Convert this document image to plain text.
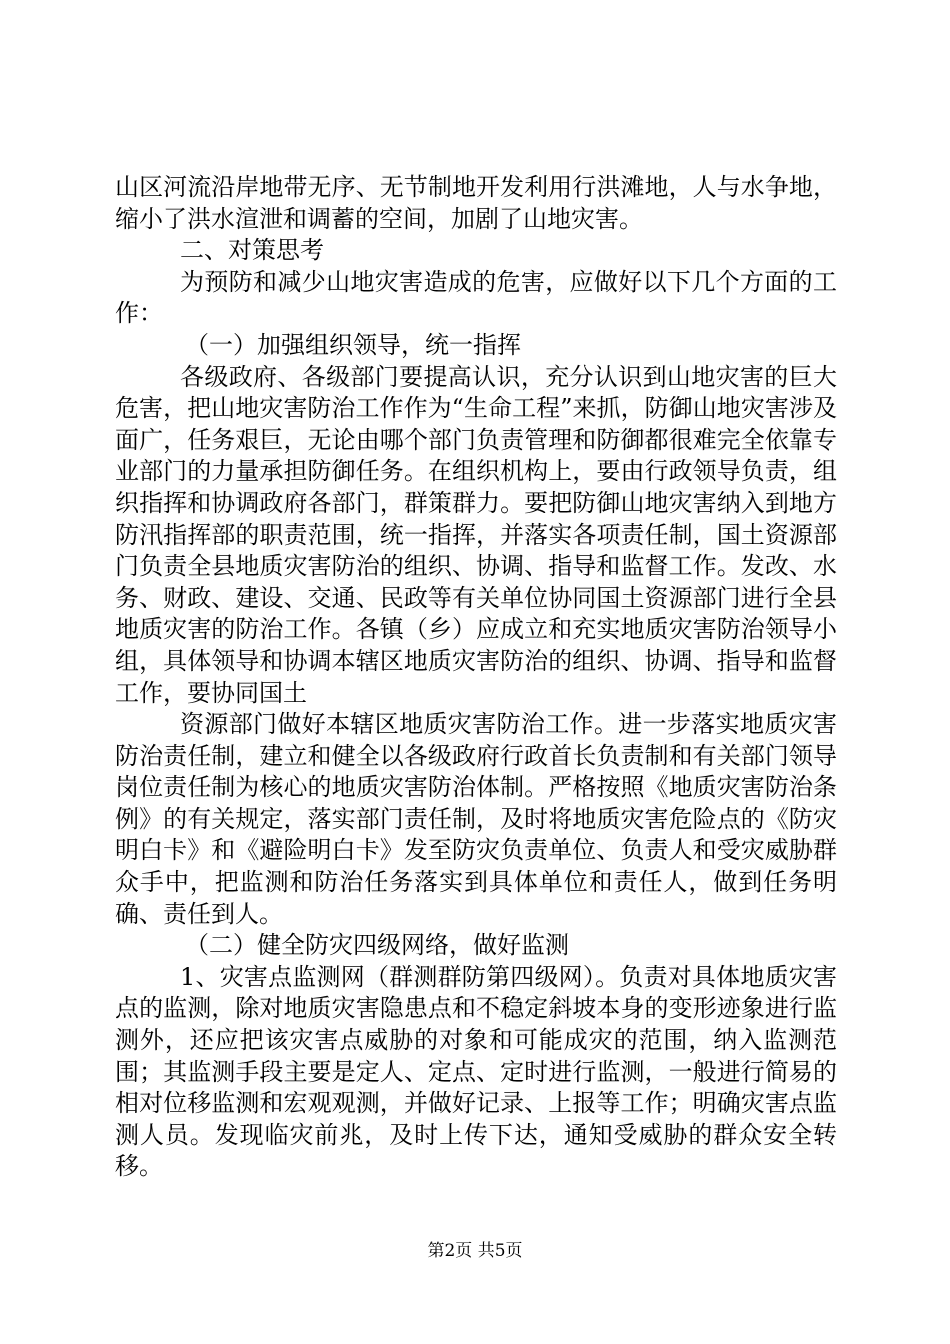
山区河流沿岸地带无序、无节制地开发利用行洪滩地，人与水争地，缩小了洪水渲泄和调蓄的空间，加剧了山地灾害。

二、对策思考

为预防和减少山地灾害造成的危害，应做好以下几个方面的工作：

（一）加强组织领导，统一指挥

各级政府、各级部门要提高认识，充分认识到山地灾害的巨大危害，把山地灾害防治工作作为“生命工程”来抓，防御山地灾害涉及面广，任务艰巨，无论由哪个部门负责管理和防御都很难完全依靠专业部门的力量承担防御任务。在组织机构上，要由行政领导负责，组织指挥和协调政府各部门，群策群力。要把防御山地灾害纳入到地方防汛指挥部的职责范围，统一指挥，并落实各项责任制，国土资源部门负责全县地质灾害防治的组织、协调、指导和监督工作。发改、水务、财政、建设、交通、民政等有关单位协同国土资源部门进行全县地质灾害的防治工作。各镇（乡）应成立和充实地质灾害防治领导小组，具体领导和协调本辖区地质灾害防治的组织、协调、指导和监督工作，要协同国土

资源部门做好本辖区地质灾害防治工作。进一步落实地质灾害防治责任制，建立和健全以各级政府行政首长负责制和有关部门领导岗位责任制为核心的地质灾害防治体制。严格按照《地质灾害防治条例》的有关规定，落实部门责任制，及时将地质灾害危险点的《防灾明白卡》和《避险明白卡》发至防灾负责单位、负责人和受灾威胁群众手中，把监测和防治任务落实到具体单位和责任人，做到任务明确、责任到人。

（二）健全防灾四级网络，做好监测

1、灾害点监测网（群测群防第四级网）。负责对具体地质灾害点的监测，除对地质灾害隐患点和不稳定斜坡本身的变形迹象进行监测外，还应把该灾害点威胁的对象和可能成灾的范围，纳入监测范围；其监测手段主要是定人、定点、定时进行监测，一般进行简易的相对位移监测和宏观观测，并做好记录、上报等工作；明确灾害点监测人员。发现临灾前兆，及时上传下达，通知受威胁的群众安全转移。

第2页 共5页
